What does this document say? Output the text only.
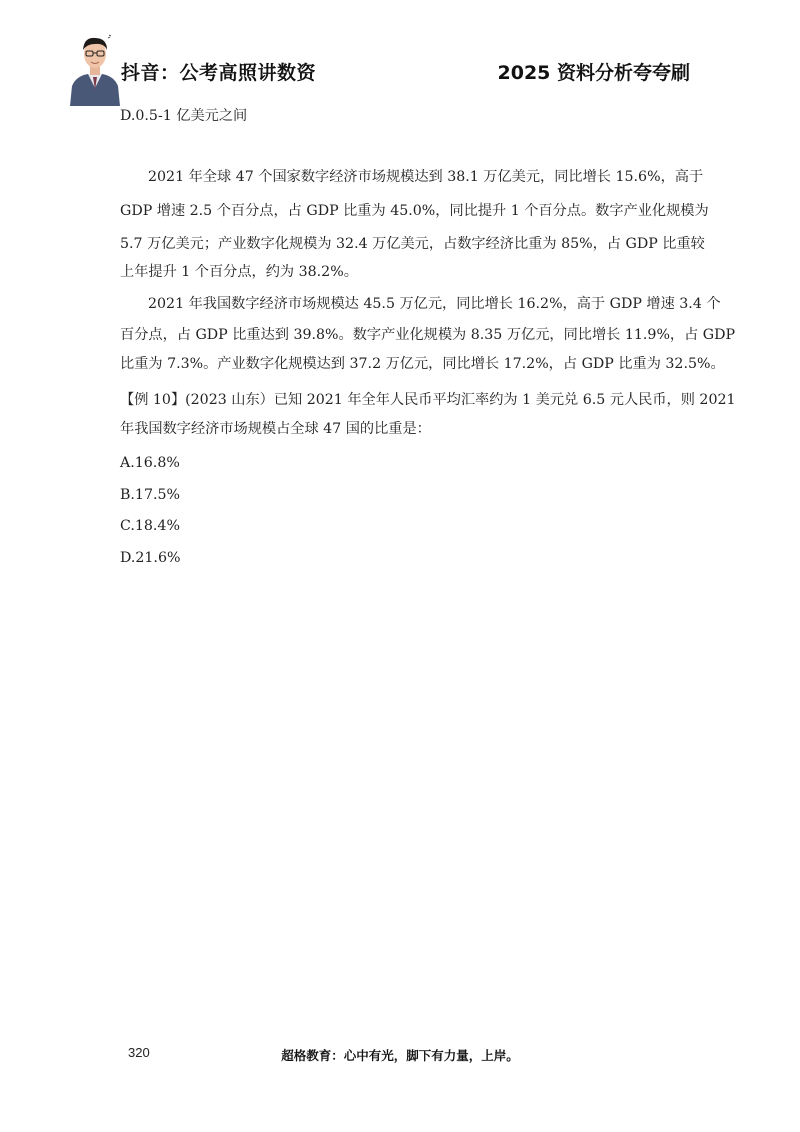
抖音：公考高照讲数资	2025 资料分析夸夸刷
D.0.5-1 亿美元之间
2021 年全球 47 个国家数字经济市场规模达到 38.1 万亿美元，同比增长 15.6%，高于
GDP 增速 2.5 个百分点，占 GDP 比重为 45.0%，同比提升 1 个百分点。数字产业化规模为
5.7 万亿美元；产业数字化规模为 32.4 万亿美元，占数字经济比重为 85%，占 GDP 比重较
上年提升 1 个百分点，约为 38.2%。
2021 年我国数字经济市场规模达 45.5 万亿元，同比增长 16.2%，高于 GDP 增速 3.4 个
百分点，占 GDP 比重达到 39.8%。数字产业化规模为 8.35 万亿元，同比增长 11.9%，占 GDP
比重为 7.3%。产业数字化规模达到 37.2 万亿元，同比增长 17.2%，占 GDP 比重为 32.5%。
【例 10】(2023 山东）已知 2021 年全年人民币平均汇率约为 1 美元兑 6.5 元人民币，则 2021
年我国数字经济市场规模占全球 47 国的比重是：
A.16.8%
B.17.5%
C.18.4%
D.21.6%
320	超格教育：心中有光，脚下有力量，上岸。
